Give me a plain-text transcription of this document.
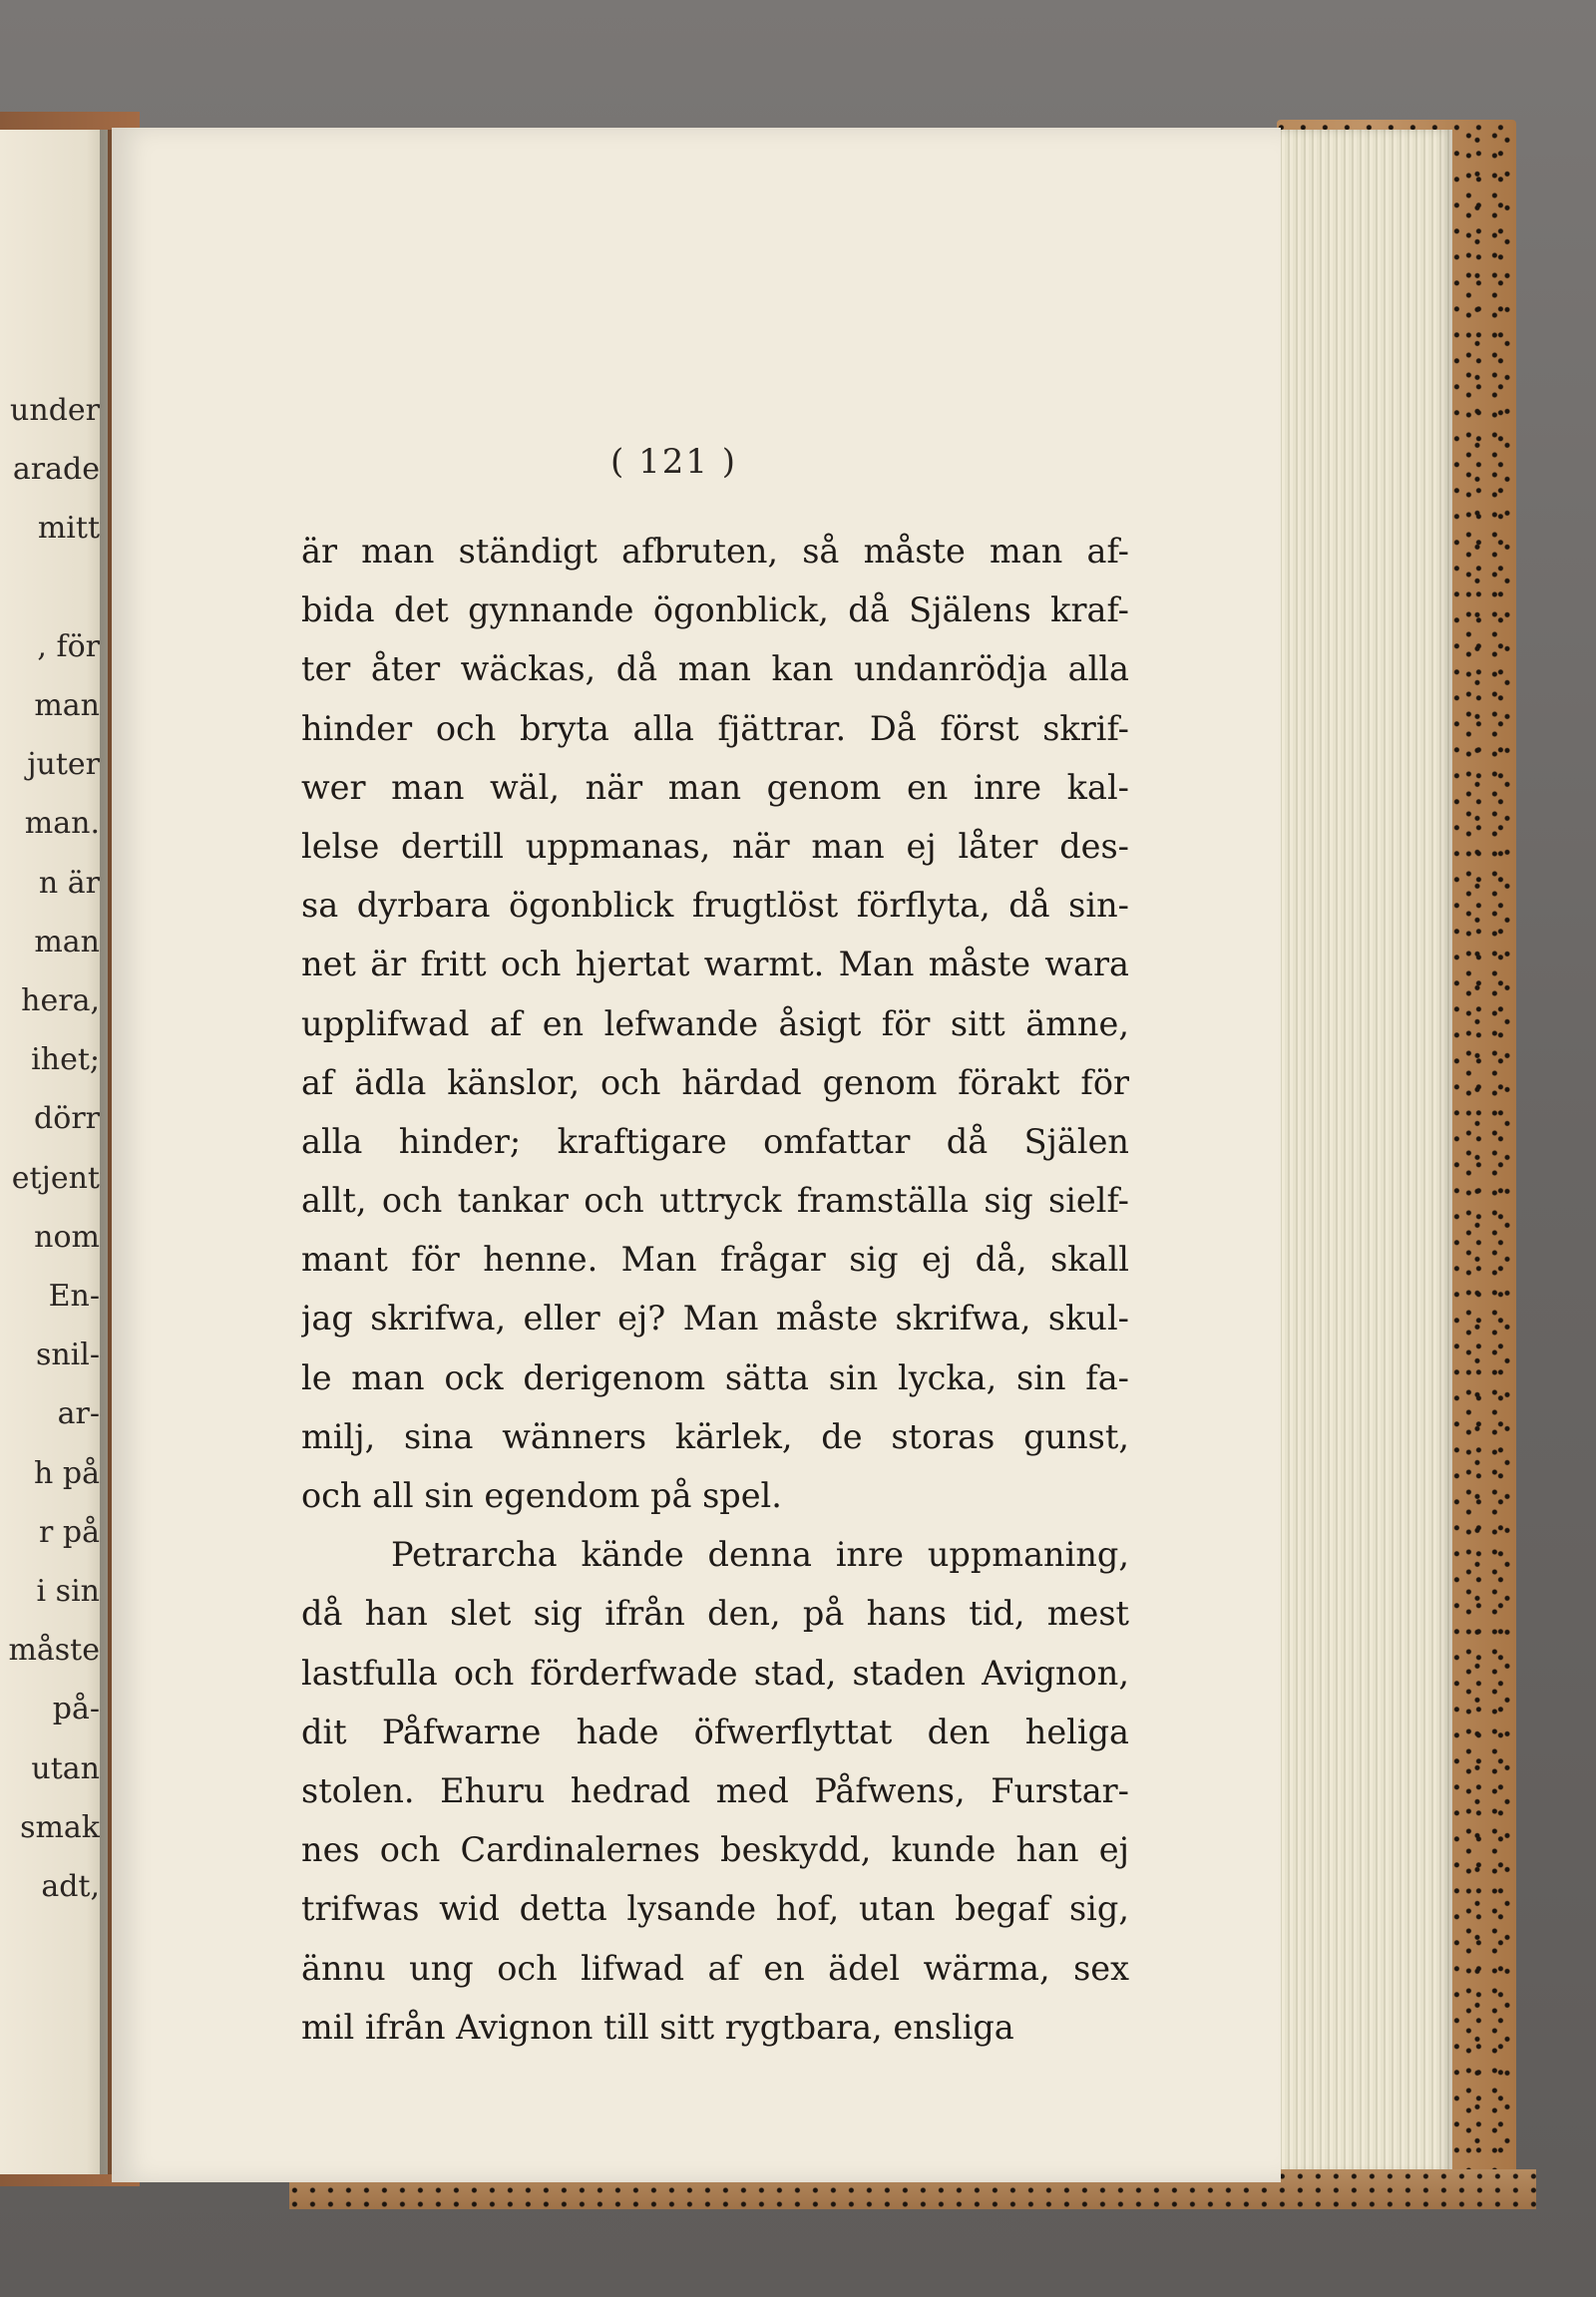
under
arade
mitt
, för
man
juter
man.
n är
man
hera,
ihet;
dörr
etjent
nom
En-
snil-
ar-
h på
r på
i sin
måste
på-
utan
smak
adt,
( 121 )
är man ständigt afbruten, så måste man af-
bida det gynnande ögonblick, då Själens kraf-
ter åter wäckas, då man kan undanrödja alla
hinder och bryta alla fjättrar. Då först skrif-
wer man wäl, när man genom en inre kal-
lelse dertill uppmanas, när man ej låter des-
sa dyrbara ögonblick frugtlöst förflyta, då sin-
net är fritt och hjertat warmt. Man måste wara
upplifwad af en lefwande åsigt för sitt ämne,
af ädla känslor, och härdad genom förakt för
alla hinder; kraftigare omfattar då Själen
allt, och tankar och uttryck framställa sig sielf-
mant för henne. Man frågar sig ej då, skall
jag skrifwa, eller ej? Man måste skrifwa, skul-
le man ock derigenom sätta sin lycka, sin fa-
milj, sina wänners kärlek, de storas gunst,
och all sin egendom på spel.
Petrarcha kände denna inre uppmaning,
då han slet sig ifrån den, på hans tid, mest
lastfulla och förderfwade stad, staden Avignon,
dit Påfwarne hade öfwerflyttat den heliga
stolen. Ehuru hedrad med Påfwens, Furstar-
nes och Cardinalernes beskydd, kunde han ej
trifwas wid detta lysande hof, utan begaf sig,
ännu ung och lifwad af en ädel wärma, sex
mil ifrån Avignon till sitt rygtbara, ensliga
